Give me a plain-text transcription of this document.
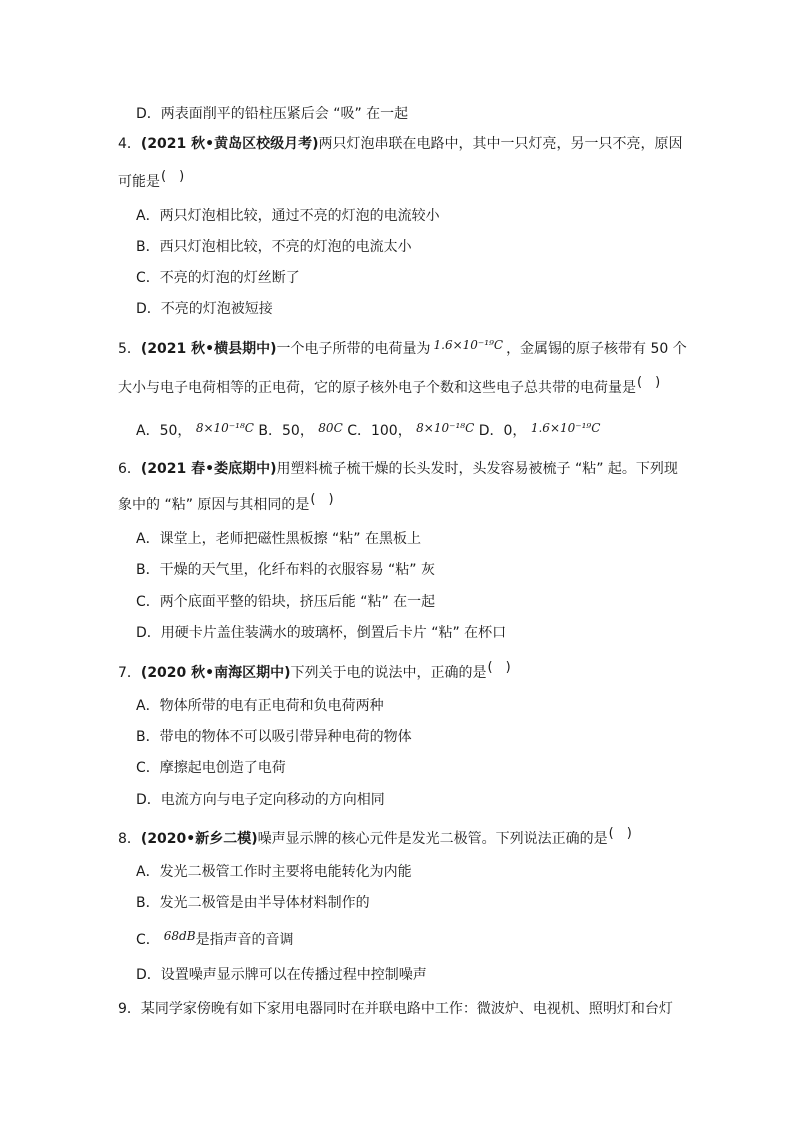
D．两表面削平的铅柱压紧后会 “吸” 在一起
4．(2021 秋•黄岛区校级月考)两只灯泡串联在电路中，其中一只灯亮，另一只不亮，原因
可能是(　)
A．两只灯泡相比较，通过不亮的灯泡的电流较小
B．西只灯泡相比较，不亮的灯泡的电流太小
C．不亮的灯泡的灯丝断了
D．不亮的灯泡被短接
5．(2021 秋•横县期中)一个电子所带的电荷量为 1.6×10⁻¹⁹C ，金属锡的原子核带有 50 个
大小与电子电荷相等的正电荷，它的原子核外电子个数和这些电子总共带的电荷量是(　)
A．50， 8×10⁻¹⁸C B．50， 80C C．100， 8×10⁻¹⁸C D．0， 1.6×10⁻¹⁹C
6．(2021 春•娄底期中)用塑料梳子梳干燥的长头发时，头发容易被梳子 “粘” 起。下列现
象中的 “粘” 原因与其相同的是(　)
A．课堂上，老师把磁性黑板擦 “粘” 在黑板上
B．干燥的天气里，化纤布料的衣服容易 “粘” 灰
C．两个底面平整的铅块，挤压后能 “粘” 在一起
D．用硬卡片盖住装满水的玻璃杯，倒置后卡片 “粘” 在杯口
7．(2020 秋•南海区期中)下列关于电的说法中，正确的是(　)
A．物体所带的电有正电荷和负电荷两种
B．带电的物体不可以吸引带异种电荷的物体
C．摩擦起电创造了电荷
D．电流方向与电子定向移动的方向相同
8．(2020•新乡二模)噪声显示牌的核心元件是发光二极管。下列说法正确的是(　)
A．发光二极管工作时主要将电能转化为内能
B．发光二极管是由半导体材料制作的
C． 68dB是指声音的音调
D．设置噪声显示牌可以在传播过程中控制噪声
9．某同学家傍晚有如下家用电器同时在并联电路中工作：微波炉、电视机、照明灯和台灯
